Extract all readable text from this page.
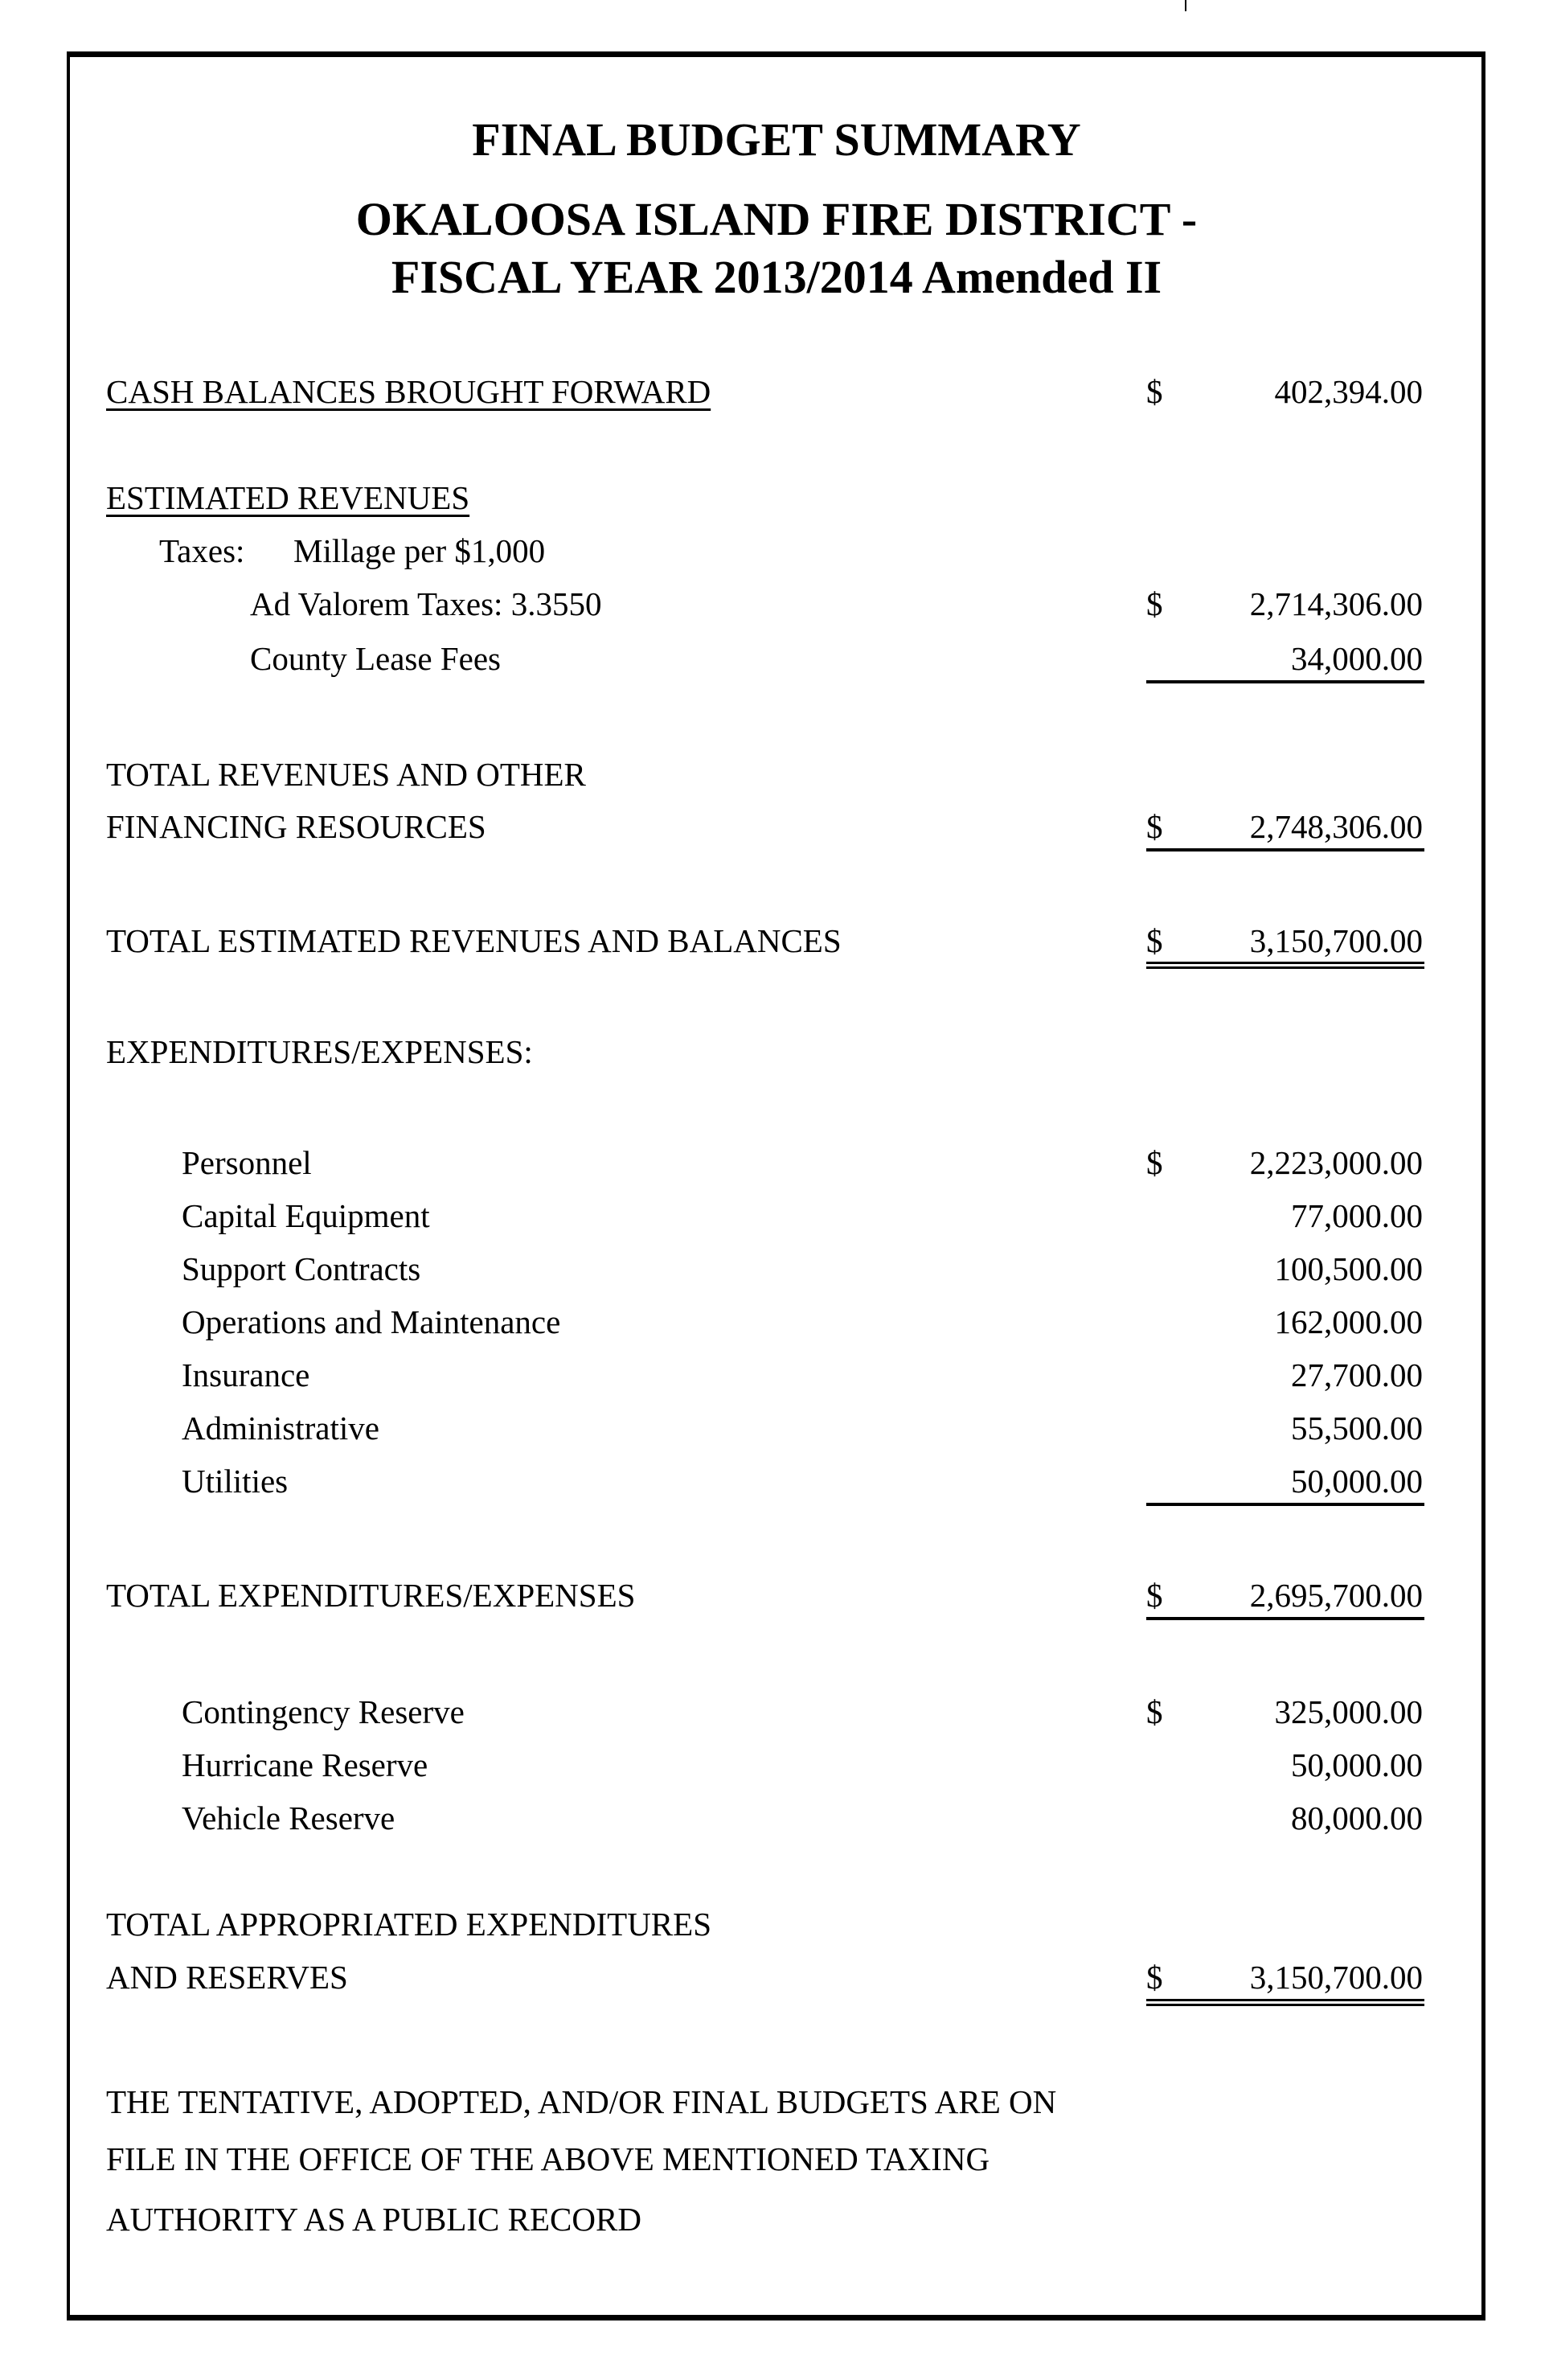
FINAL BUDGET SUMMARY
OKALOOSA ISLAND FIRE DISTRICT -
FISCAL YEAR 2013/2014 Amended II
CASH BALANCES BROUGHT FORWARD	$	402,394.00
ESTIMATED REVENUES
Taxes: Millage per $1,000
Ad Valorem Taxes: 3.3550	$	2,714,306.00
County Lease Fees	34,000.00
TOTAL REVENUES AND OTHER
FINANCING RESOURCES	$	2,748,306.00
TOTAL ESTIMATED REVENUES AND BALANCES	$	3,150,700.00
EXPENDITURES/EXPENSES:
Personnel	$	2,223,000.00
Capital Equipment	77,000.00
Support Contracts	100,500.00
Operations and Maintenance	162,000.00
Insurance	27,700.00
Administrative	55,500.00
Utilities	50,000.00
TOTAL EXPENDITURES/EXPENSES	$	2,695,700.00
Contingency Reserve	$	325,000.00
Hurricane Reserve	50,000.00
Vehicle Reserve	80,000.00
TOTAL APPROPRIATED EXPENDITURES
AND RESERVES	$	3,150,700.00
THE TENTATIVE, ADOPTED, AND/OR FINAL BUDGETS ARE ON
FILE IN THE OFFICE OF THE ABOVE MENTIONED TAXING
AUTHORITY AS A PUBLIC RECORD
